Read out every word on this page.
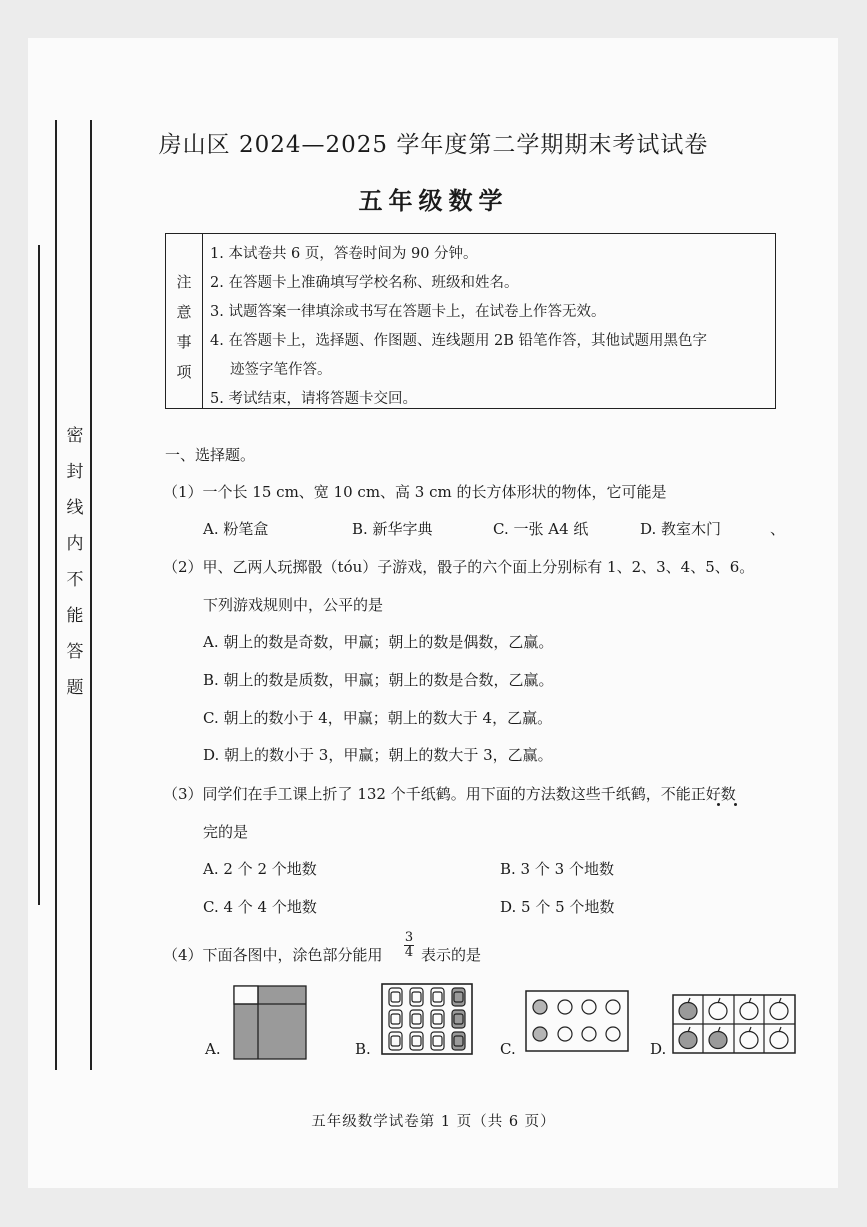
密
封
线
内
不
能
答
题
房山区 2024—2025 学年度第二学期期末考试试卷
五年级数学
注
意
事
项
1. 本试卷共 6 页，答卷时间为 90 分钟。
2. 在答题卡上准确填写学校名称、班级和姓名。
3. 试题答案一律填涂或书写在答题卡上，在试卷上作答无效。
4. 在答题卡上，选择题、作图题、连线题用 2B 铅笔作答，其他试题用黑色字
迹签字笔作答。
5. 考试结束，请将答题卡交回。
一、选择题。
（1）一个长 15 cm、宽 10 cm、高 3 cm 的长方体形状的物体，它可能是
A. 粉笔盒	B. 新华字典	C. 一张 A4 纸	D. 教室木门	、
（2）甲、乙两人玩掷骰（tóu）子游戏，骰子的六个面上分别标有 1、2、3、4、5、6。
下列游戏规则中，公平的是
A. 朝上的数是奇数，甲赢；朝上的数是偶数，乙赢。
B. 朝上的数是质数，甲赢；朝上的数是合数，乙赢。
C. 朝上的数小于 4，甲赢；朝上的数大于 4，乙赢。
D. 朝上的数小于 3，甲赢；朝上的数大于 3，乙赢。
（3）同学们在手工课上折了 132 个千纸鹤。用下面的方法数这些千纸鹤，不能正好数
完的是
A. 2 个 2 个地数	B. 3 个 3 个地数
C. 4 个 4 个地数	D. 5 个 5 个地数
（4）下面各图中，涂色部分能用
3
4 表示的是
A.	B.	C.	D.
五年级数学试卷第 1 页（共 6 页）
